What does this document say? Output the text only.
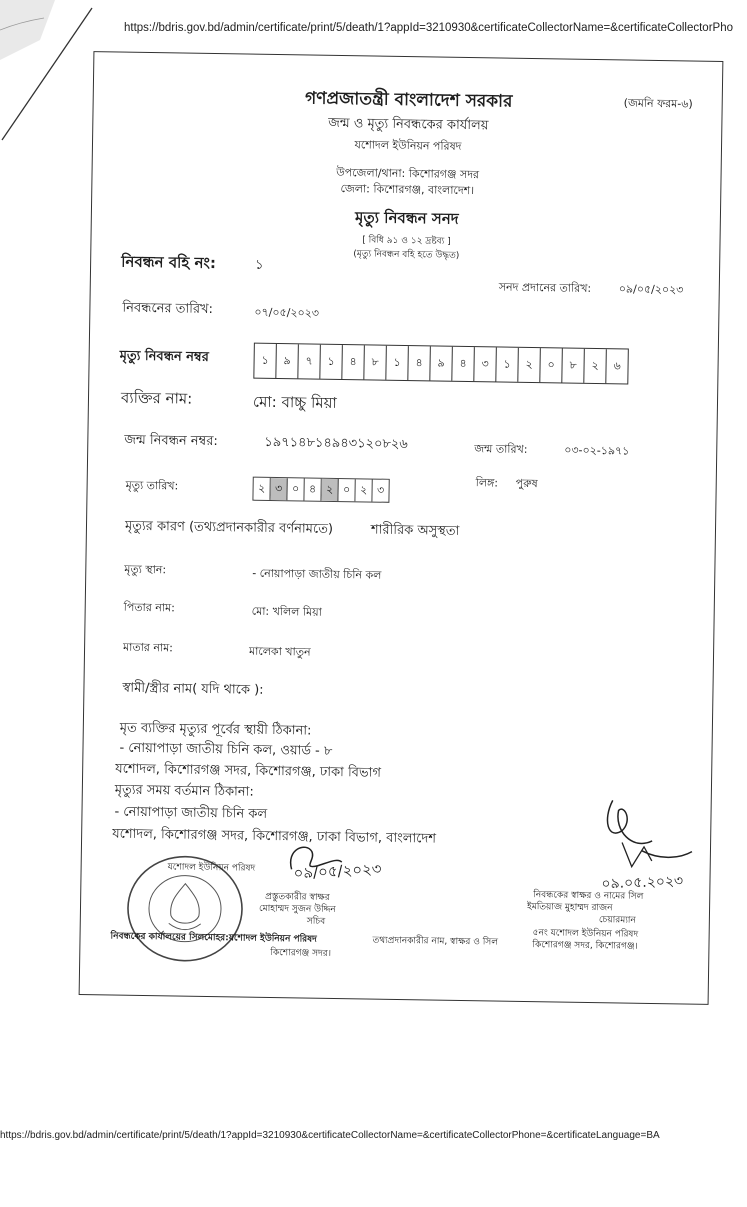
https://bdris.gov.bd/admin/certificate/print/5/death/1?appId=3210930&certificateCollectorName=&certificateCollectorPho
গণপ্রজাতন্ত্রী বাংলাদেশ সরকার	(জমনি ফরম-৬)
জন্ম ও মৃত্যু নিবন্ধকের কার্যালয়
যশোদল ইউনিয়ন পরিষদ
উপজেলা/থানা: কিশোরগঞ্জ সদর
জেলা: কিশোরগঞ্জ, বাংলাদেশ।
মৃত্যু নিবন্ধন সনদ
[ বিধি ৯১ ও ১২ দ্রষ্টব্য ]
(মৃত্যু নিবন্ধন বহি হতে উদ্ধৃত)
নিবন্ধন বহি নং:	১
সনদ প্রদানের তারিখ: ০৯/০৫/২০২৩
নিবন্ধনের তারিখ:	০৭/০৫/২০২৩
মৃত্যু নিবন্ধন নম্বর	১	৯	৭	১	৪	৮	১	৪	৯	৪	৩	১	২	০	৮	২	৬
ব্যক্তির নাম:	মো: বাচ্চু মিয়া
জন্ম নিবন্ধন নম্বর:	১৯৭১৪৮১৪৯৪৩১২০৮২৬	জন্ম তারিখ:	০৩-০২-১৯৭১
মৃত্যু তারিখ:	২ ৩ ০ ৪ ২ ০ ২ ৩
লিঙ্গ: পুরুষ
মৃত্যুর কারণ (তথ্যপ্রদানকারীর বর্ণনামতে)	শারীরিক অসুস্থতা
মৃত্যু স্থান:	- নোয়াপাড়া জাতীয় চিনি কল
পিতার নাম:	মো: খলিল মিয়া
মাতার নাম:	মালেকা খাতুন
স্বামী/স্ত্রীর নাম( যদি থাকে ):
মৃত ব্যক্তির মৃত্যুর পূর্বের স্থায়ী ঠিকানা:
- নোয়াপাড়া জাতীয় চিনি কল, ওয়ার্ড - ৮
যশোদল, কিশোরগঞ্জ সদর, কিশোরগঞ্জ, ঢাকা বিভাগ
মৃত্যুর সময় বর্তমান ঠিকানা:
- নোয়াপাড়া জাতীয় চিনি কল
যশোদল, কিশোরগঞ্জ সদর, কিশোরগঞ্জ, ঢাকা বিভাগ, বাংলাদেশ
যশোদল ইউনিয়ন পরিষদ	০৯/০৫/২০২৩
প্রস্তুতকারীর স্বাক্ষর
মোহাম্মদ সুজন উদ্দিন
সচিব
০৯.০৫.২০২৩
নিবন্ধকের স্বাক্ষর ও নামের সিল
ইমতিয়াজ মুহাম্মদ রাজন
চেয়ারম্যান
৫নং যশোদল ইউনিয়ন পরিষদ
কিশোরগঞ্জ সদর, কিশোরগঞ্জ।
নিবন্ধকের কার্যালয়ের সিলমোহর:যশোদল ইউনিয়ন পরিষদ	তথ্যপ্রদানকারীর নাম, স্বাক্ষর ও সিল
কিশোরগঞ্জ সদর।
https://bdris.gov.bd/admin/certificate/print/5/death/1?appId=3210930&certificateCollectorName=&certificateCollectorPhone=&certificateLanguage=BA
